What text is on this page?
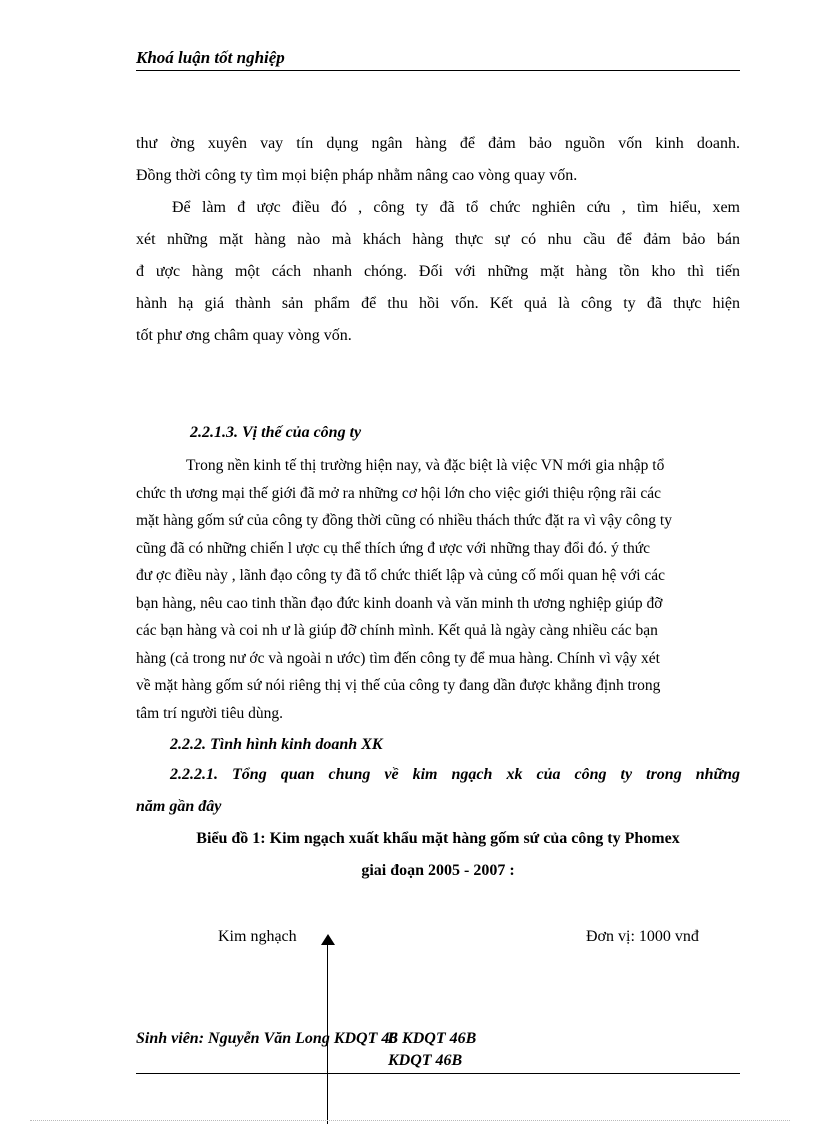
Khoá luận tốt nghiệp
thư ờng xuyên vay tín dụng ngân hàng để đảm bảo nguồn vốn kinh doanh.
Đồng thời công ty tìm mọi biện pháp nhằm nâng cao vòng quay vốn.
Để làm đ ược điều đó , công ty đã tổ chức nghiên cứu , tìm hiểu, xem
xét những mặt hàng nào mà khách hàng thực sự có nhu cầu để đảm bảo bán
đ ược hàng một cách nhanh chóng. Đối với những mặt hàng tồn kho thì tiến
hành hạ giá thành sản phẩm để thu hồi vốn. Kết quả là công ty đã thực hiện
tốt phư ơng châm quay vòng vốn.
2.2.1.3. Vị thế của công ty
Trong nền kinh tế thị trường hiện nay, và đặc biệt là việc VN mới gia nhập tổ
chức th ương mại thế giới đã mở ra những cơ hội lớn cho việc giới thiệu rộng rãi các
mặt hàng gốm sứ của công ty đồng thời cũng có nhiều thách thức đặt ra vì vậy công ty
cũng đã có những chiến l ược cụ thể thích ứng đ ược với những thay đổi đó. ý thức
đư ợc điều này , lãnh đạo công ty đã tổ chức thiết lập và củng cố mối quan hệ với các
bạn hàng, nêu cao tinh thần đạo đức kinh doanh và văn minh th ương nghiệp giúp đỡ
các bạn hàng và coi nh ư là giúp đỡ chính mình. Kết quả là ngày càng nhiều các bạn
hàng (cả trong nư ớc và ngoài n ước) tìm đến công ty để mua hàng. Chính vì vậy xét
về mặt hàng gốm sứ nói riêng thị vị thế của công ty đang dần được khẳng định trong
tâm trí người tiêu dùng.
2.2.2. Tình hình kinh doanh XK
2.2.2.1. Tổng quan chung về kim ngạch xk của công ty trong những
năm gần đây
Biểu đồ 1: Kim ngạch xuất khẩu mặt hàng gốm sứ của công ty Phomex
giai đoạn 2005 - 2007 :
Kim nghạch	Đơn vị: 1000 vnđ
Sinh viên: Nguyễn Văn Long KDQT 46B KDQT 46B
KDQT 46B
